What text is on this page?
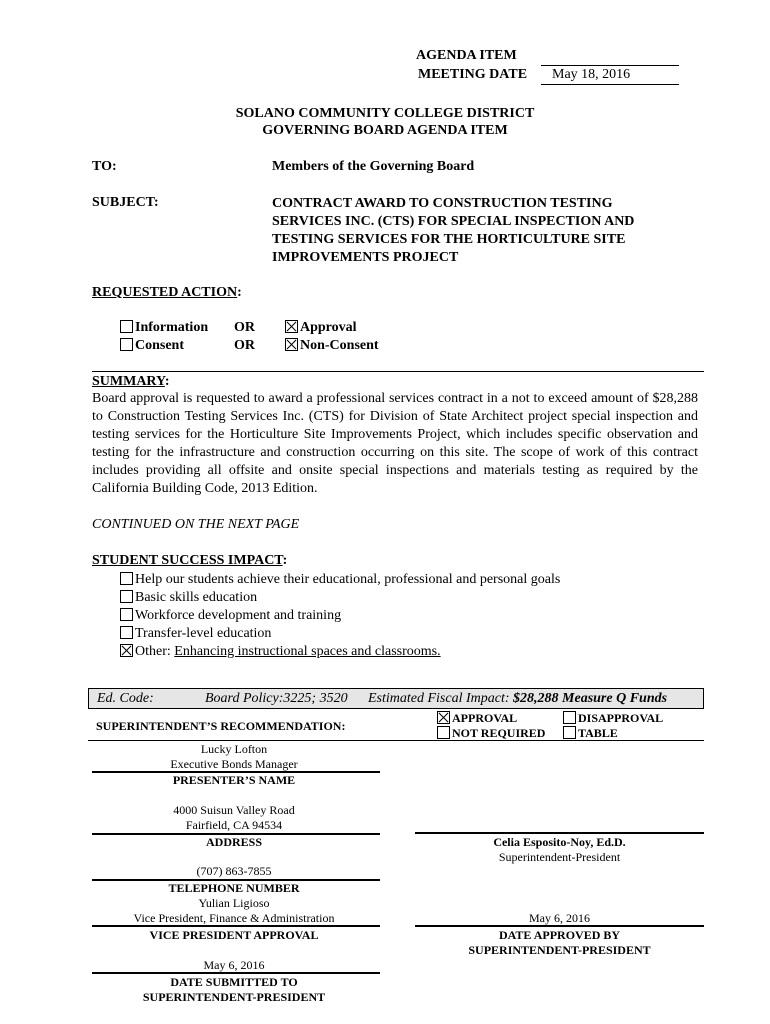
AGENDA ITEM
MEETING DATE May 18, 2016
SOLANO COMMUNITY COLLEGE DISTRICT
GOVERNING BOARD AGENDA ITEM
TO:	Members of the Governing Board
SUBJECT:	CONTRACT AWARD TO CONSTRUCTION TESTING
SERVICES INC. (CTS) FOR SPECIAL INSPECTION AND
TESTING SERVICES FOR THE HORTICULTURE SITE
IMPROVEMENTS PROJECT
REQUESTED ACTION:
Information OR	Approval
Consent	OR	Non-Consent
SUMMARY:
Board approval is requested to award a professional services contract in a not to exceed amount of $28,288 to Construction Testing Services Inc. (CTS) for Division of State Architect project special inspection and testing services for the Horticulture Site Improvements Project, which includes specific observation and testing for the infrastructure and construction occurring on this site. The scope of work of this contract includes providing all offsite and onsite special inspections and materials testing as required by the California Building Code, 2013 Edition.
CONTINUED ON THE NEXT PAGE
STUDENT SUCCESS IMPACT:
Help our students achieve their educational, professional and personal goals
Basic skills education
Workforce development and training
Transfer-level education
Other: Enhancing instructional spaces and classrooms.
Ed. Code:	Board Policy:3225; 3520 Estimated Fiscal Impact: $28,288 Measure Q Funds
SUPERINTENDENT’S RECOMMENDATION:
APPROVAL	DISAPPROVAL
NOT REQUIRED	TABLE
Lucky Lofton
Executive Bonds Manager
PRESENTER’S NAME
4000 Suisun Valley Road
Fairfield, CA 94534
ADDRESS
(707) 863-7855
TELEPHONE NUMBER
Yulian Ligioso
Vice President, Finance & Administration
VICE PRESIDENT APPROVAL
May 6, 2016
DATE SUBMITTED TO
SUPERINTENDENT-PRESIDENT
Celia Esposito-Noy, Ed.D.
Superintendent-President
May 6, 2016
DATE APPROVED BY
SUPERINTENDENT-PRESIDENT
